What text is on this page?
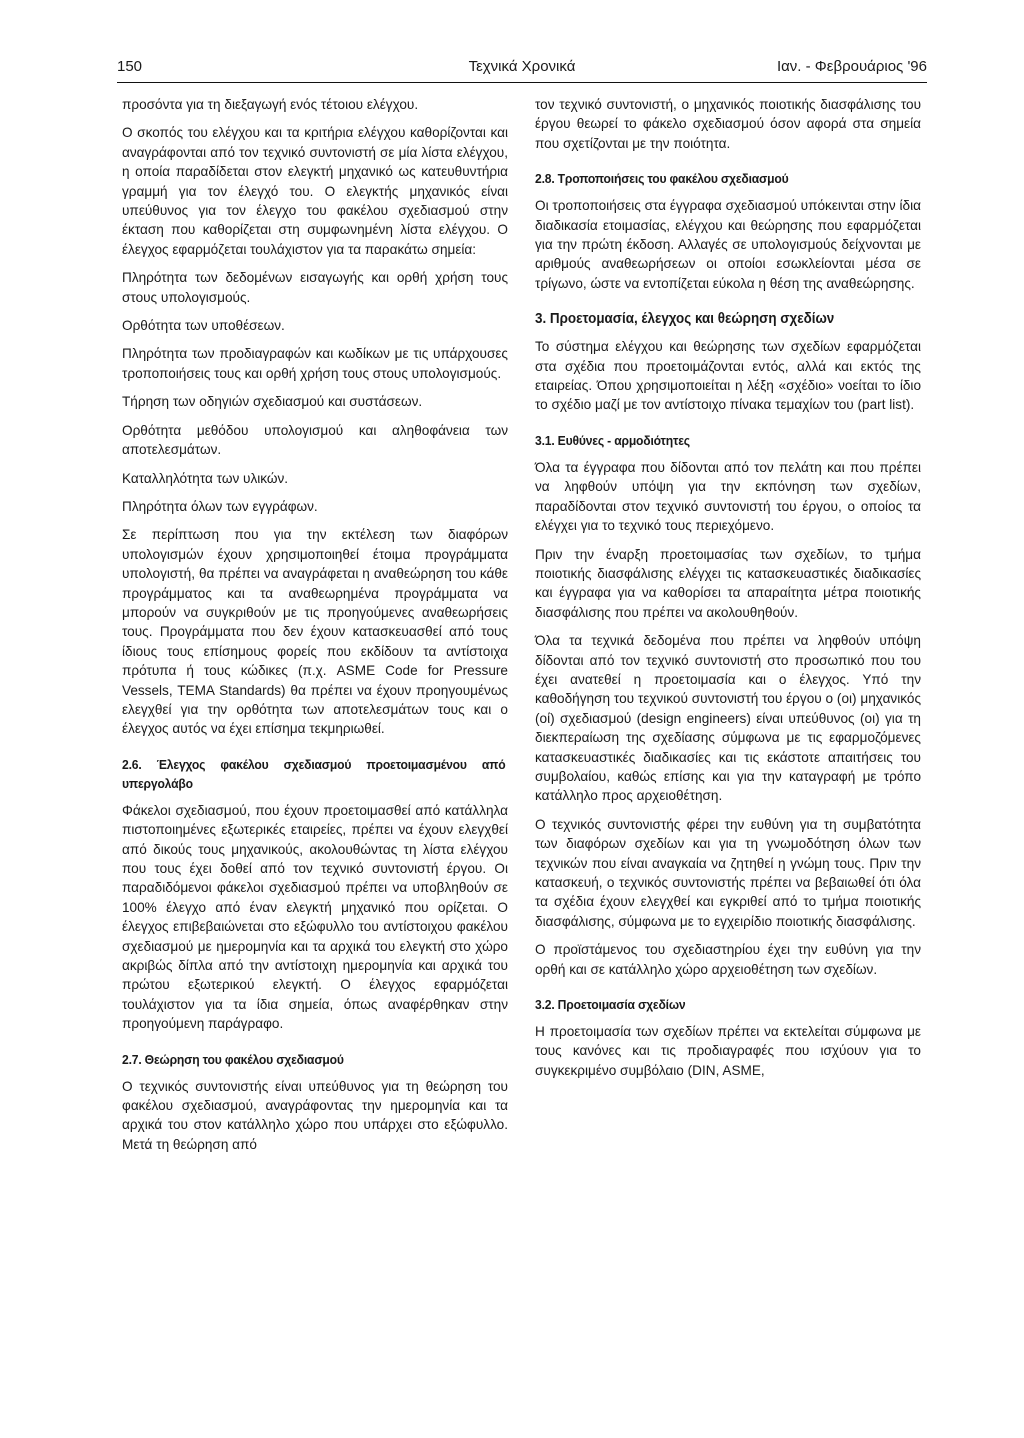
150	Τεχνικά Χρονικά	Ιαν. - Φεβρουάριος '96

προσόντα για τη διεξαγωγή ενός τέτοιου ελέγχου.

Ο σκοπός του ελέγχου και τα κριτήρια ελέγχου καθορίζονται και αναγράφονται από τον τεχνικό συντονιστή σε μία λίστα ελέγχου, η οποία παραδίδεται στον ελεγκτή μηχανικό ως κατευθυντήρια γραμμή για τον έλεγχό του. Ο ελεγκτής μηχανικός είναι υπεύθυνος για τον έλεγχο του φακέλου σχεδιασμού στην έκταση που καθορίζεται στη συμφωνημένη λίστα ελέγχου. Ο έλεγχος εφαρμόζεται τουλάχιστον για τα παρακάτω σημεία:

Πληρότητα των δεδομένων εισαγωγής και ορθή χρήση τους στους υπολογισμούς.

Ορθότητα των υποθέσεων.

Πληρότητα των προδιαγραφών και κωδίκων με τις υπάρχουσες τροποποιήσεις τους και ορθή χρήση τους στους υπολογισμούς.

Τήρηση των οδηγιών σχεδιασμού και συστάσεων.

Ορθότητα μεθόδου υπολογισμού και αληθοφάνεια των αποτελεσμάτων.

Καταλληλότητα των υλικών.

Πληρότητα όλων των εγγράφων.

Σε περίπτωση που για την εκτέλεση των διαφόρων υπολογισμών έχουν χρησιμοποιηθεί έτοιμα προγράμματα υπολογιστή, θα πρέπει να αναγράφεται η αναθεώρηση του κάθε προγράμματος και τα αναθεωρημένα προγράμματα να μπορούν να συγκριθούν με τις προηγούμενες αναθεωρήσεις τους. Προγράμματα που δεν έχουν κατασκευασθεί από τους ίδιους τους επίσημους φορείς που εκδίδουν τα αντίστοιχα πρότυπα ή τους κώδικες (π.χ. ASME Code for Pressure Vessels, TEMA Standards) θα πρέπει να έχουν προηγουμένως ελεγχθεί για την ορθότητα των αποτελεσμάτων τους και ο έλεγχος αυτός να έχει επίσημα τεκμηριωθεί.

2.6. Έλεγχος φακέλου σχεδιασμού προετοιμασμένου από υπεργολάβο

Φάκελοι σχεδιασμού, που έχουν προετοιμασθεί από κατάλληλα πιστοποιημένες εξωτερικές εταιρείες, πρέπει να έχουν ελεγχθεί από δικούς τους μηχανικούς, ακολουθώντας τη λίστα ελέγχου που τους έχει δοθεί από τον τεχνικό συντονιστή έργου. Οι παραδιδόμενοι φάκελοι σχεδιασμού πρέπει να υποβληθούν σε 100% έλεγχο από έναν ελεγκτή μηχανικό που ορίζεται. Ο έλεγχος επιβεβαιώνεται στο εξώφυλλο του αντίστοιχου φακέλου σχεδιασμού με ημερομηνία και τα αρχικά του ελεγκτή στο χώρο ακριβώς δίπλα από την αντίστοιχη ημερομηνία και αρχικά του πρώτου εξωτερικού ελεγκτή. Ο έλεγχος εφαρμόζεται τουλάχιστον για τα ίδια σημεία, όπως αναφέρθηκαν στην προηγούμενη παράγραφο.

2.7. Θεώρηση του φακέλου σχεδιασμού

Ο τεχνικός συντονιστής είναι υπεύθυνος για τη θεώρηση του φακέλου σχεδιασμού, αναγράφοντας την ημερομηνία και τα αρχικά του στον κατάλληλο χώρο που υπάρχει στο εξώφυλλο. Μετά τη θεώρηση από

τον τεχνικό συντονιστή, ο μηχανικός ποιοτικής διασφάλισης του έργου θεωρεί το φάκελο σχεδιασμού όσον αφορά στα σημεία που σχετίζονται με την ποιότητα.

2.8. Τροποποιήσεις του φακέλου σχεδιασμού

Οι τροποποιήσεις στα έγγραφα σχεδιασμού υπόκεινται στην ίδια διαδικασία ετοιμασίας, ελέγχου και θεώρησης που εφαρμόζεται για την πρώτη έκδοση. Αλλαγές σε υπολογισμούς δείχνονται με αριθμούς αναθεωρήσεων οι οποίοι εσωκλείονται μέσα σε τρίγωνο, ώστε να εντοπίζεται εύκολα η θέση της αναθεώρησης.

3. Προετομασία, έλεγχος και θεώρηση σχεδίων

Το σύστημα ελέγχου και θεώρησης των σχεδίων εφαρμόζεται στα σχέδια που προετοιμάζονται εντός, αλλά και εκτός της εταιρείας. Όπου χρησιμοποιείται η λέξη «σχέδιο» νοείται το ίδιο το σχέδιο μαζί με τον αντίστοιχο πίνακα τεμαχίων του (part list).

3.1. Ευθύνες - αρμοδιότητες

Όλα τα έγγραφα που δίδονται από τον πελάτη και που πρέπει να ληφθούν υπόψη για την εκπόνηση των σχεδίων, παραδίδονται στον τεχνικό συντονιστή του έργου, ο οποίος τα ελέγχει για το τεχνικό τους περιεχόμενο.

Πριν την έναρξη προετοιμασίας των σχεδίων, το τμήμα ποιοτικής διασφάλισης ελέγχει τις κατασκευαστικές διαδικασίες και έγγραφα για να καθορίσει τα απαραίτητα μέτρα ποιοτικής διασφάλισης που πρέπει να ακολουθηθούν.

Όλα τα τεχνικά δεδομένα που πρέπει να ληφθούν υπόψη δίδονται από τον τεχνικό συντονιστή στο προσωπικό που του έχει ανατεθεί η προετοιμασία και ο έλεγχος. Υπό την καθοδήγηση του τεχνικού συντονιστή του έργου ο (οι) μηχανικός (οί) σχεδιασμού (design engineers) είναι υπεύθυνος (οι) για τη διεκπεραίωση της σχεδίασης σύμφωνα με τις εφαρμοζόμενες κατασκευαστικές διαδικασίες και τις εκάστοτε απαιτήσεις του συμβολαίου, καθώς επίσης και για την καταγραφή με τρόπο κατάλληλο προς αρχειοθέτηση.

Ο τεχνικός συντονιστής φέρει την ευθύνη για τη συμβατότητα των διαφόρων σχεδίων και για τη γνωμοδότηση όλων των τεχνικών που είναι αναγκαία να ζητηθεί η γνώμη τους. Πριν την κατασκευή, ο τεχνικός συντονιστής πρέπει να βεβαιωθεί ότι όλα τα σχέδια έχουν ελεγχθεί και εγκριθεί από το τμήμα ποιοτικής διασφάλισης, σύμφωνα με το εγχειρίδιο ποιοτικής διασφάλισης.

Ο προϊστάμενος του σχεδιαστηρίου έχει την ευθύνη για την ορθή και σε κατάλληλο χώρο αρχειοθέτηση των σχεδίων.

3.2. Προετοιμασία σχεδίων

Η προετοιμασία των σχεδίων πρέπει να εκτελείται σύμφωνα με τους κανόνες και τις προδιαγραφές που ισχύουν για το συγκεκριμένο συμβόλαιο (DIN, ASME,
